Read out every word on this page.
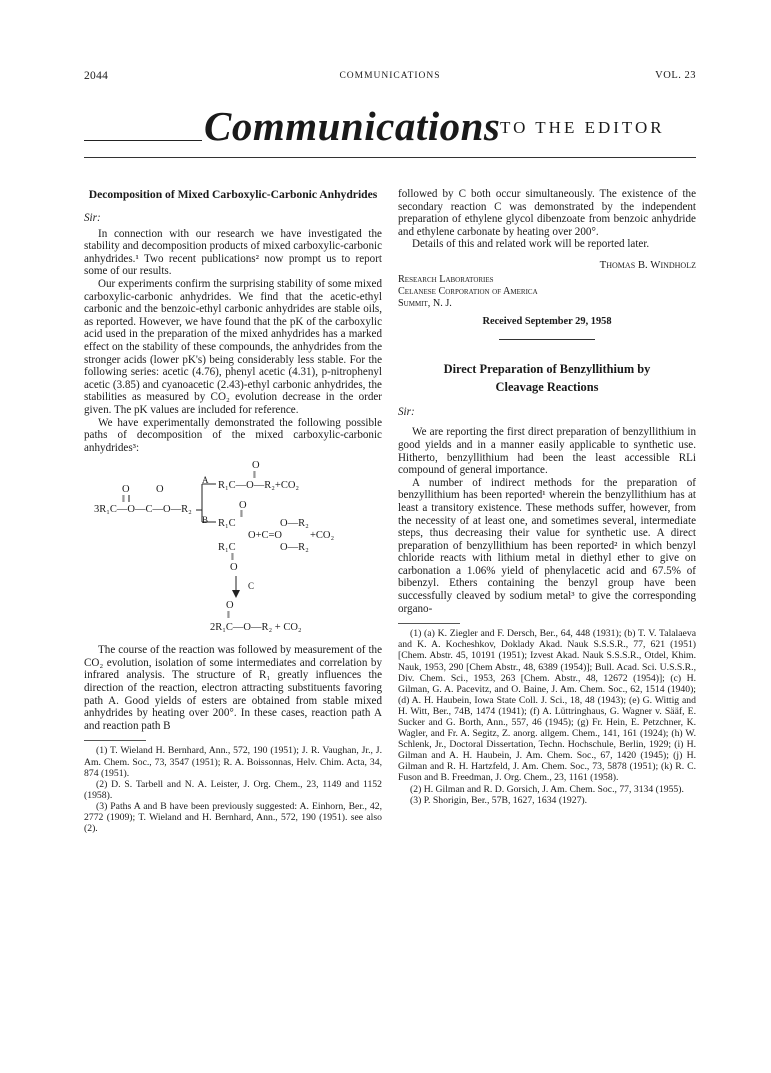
2044	COMMUNICATIONS	VOL. 23
Communications TO THE EDITOR
Decomposition of Mixed Carboxylic-Carbonic Anhydrides

Sir:

In connection with our research we have investigated the stability and decomposition products of mixed carboxylic-carbonic anhydrides.¹ Two recent publications² now prompt us to report some of our results.

Our experiments confirm the surprising stability of some mixed carboxylic-carbonic anhydrides. We find that the acetic-ethyl carbonic and the benzoic-ethyl carbonic anhydrides are stable oils, as reported. However, we have found that the pK of the carboxylic acid used in the preparation of the mixed anhydrides has a marked effect on the stability of these compounds, the anhydrides from the stronger acids (lower pK's) being considerably less stable. For the following series: acetic (4.76), phenyl acetic (4.31), p-nitrophenyl acetic (3.85) and cyanoacetic (2.43)-ethyl carbonic anhydrides, the stabilities as measured by CO₂ evolution decrease in the order given. The pK values are included for reference.

We have experimentally demonstrated the following possible paths of decomposition of the mixed carboxylic-carbonic anhydrides³:

O	O
‖ ‖
3R₁C—O—C—O—R₂
A
O
‖
R₁C—O—R₂+CO₂
B
O
‖
R₁C	O—R₂
O+C=O	+CO₂
R₁C	O—R₂
‖
O
C
O
‖
2R₁C—O—R₂ + CO₂

The course of the reaction was followed by measurement of the CO₂ evolution, isolation of some intermediates and correlation by infrared analysis. The structure of R₁ greatly influences the direction of the reaction, electron attracting substituents favoring path A. Good yields of esters are obtained from stable mixed anhydrides by heating over 200°. In these cases, reaction path A and reaction path B

(1) T. Wieland H. Bernhard, Ann., 572, 190 (1951); J. R. Vaughan, Jr., J. Am. Chem. Soc., 73, 3547 (1951); R. A. Boissonnas, Helv. Chim. Acta, 34, 874 (1951).

(2) D. S. Tarbell and N. A. Leister, J. Org. Chem., 23, 1149 and 1152 (1958).

(3) Paths A and B have been previously suggested: A. Einhorn, Ber., 42, 2772 (1909); T. Wieland and H. Bernhard, Ann., 572, 190 (1951). see also (2).

followed by C both occur simultaneously. The existence of the secondary reaction C was demonstrated by the independent preparation of ethylene glycol dibenzoate from benzoic anhydride and ethylene carbonate by heating over 200°.

Details of this and related work will be reported later.

Thomas B. Windholz

Research Laboratories
Celanese Corporation of America
Summit, N. J.

Received September 29, 1958

Direct Preparation of Benzyllithium by
Cleavage Reactions

Sir:

We are reporting the first direct preparation of benzyllithium in good yields and in a manner easily applicable to synthetic use. Hitherto, benzyllithium had been the least accessible RLi compound of general importance.

A number of indirect methods for the preparation of benzyllithium has been reported¹ wherein the benzyllithium has at least a transitory existence. These methods suffer, however, from the necessity of at least one, and sometimes several, intermediate steps, thus decreasing their value for synthetic use. A direct preparation of benzyllithium has been reported² in which benzyl chloride reacts with lithium metal in diethyl ether to give on carbonation a 1.06% yield of phenylacetic acid and 67.5% of bibenzyl. Ethers containing the benzyl group have been successfully cleaved by sodium metal³ to give the corresponding organo-

(1) (a) K. Ziegler and F. Dersch, Ber., 64, 448 (1931); (b) T. V. Talalaeva and K. A. Kocheshkov, Doklady Akad. Nauk S.S.S.R., 77, 621 (1951) [Chem. Abstr. 45, 10191 (1951); Izvest Akad. Nauk S.S.S.R., Otdel, Khim. Nauk, 1953, 290 [Chem Abstr., 48, 6389 (1954)]; Bull. Acad. Sci. U.S.S.R., Div. Chem. Sci., 1953, 263 [Chem. Abstr., 48, 12672 (1954)]; (c) H. Gilman, G. A. Pacevitz, and O. Baine, J. Am. Chem. Soc., 62, 1514 (1940); (d) A. H. Haubein, Iowa State Coll. J. Sci., 18, 48 (1943); (e) G. Wittig and H. Witt, Ber., 74B, 1474 (1941); (f) A. Lüttringhaus, G. Wagner v. Sääf, E. Sucker and G. Borth, Ann., 557, 46 (1945); (g) Fr. Hein, E. Petzchner, K. Wagler, and Fr. A. Segitz, Z. anorg. allgem. Chem., 141, 161 (1924); (h) W. Schlenk, Jr., Doctoral Dissertation, Techn. Hochschule, Berlin, 1929; (i) H. Gilman and A. H. Haubein, J. Am. Chem. Soc., 67, 1420 (1945); (j) H. Gilman and R. H. Hartzfeld, J. Am. Chem. Soc., 73, 5878 (1951); (k) R. C. Fuson and B. Freedman, J. Org. Chem., 23, 1161 (1958).

(2) H. Gilman and R. D. Gorsich, J. Am. Chem. Soc., 77, 3134 (1955).

(3) P. Shorigin, Ber., 57B, 1627, 1634 (1927).
